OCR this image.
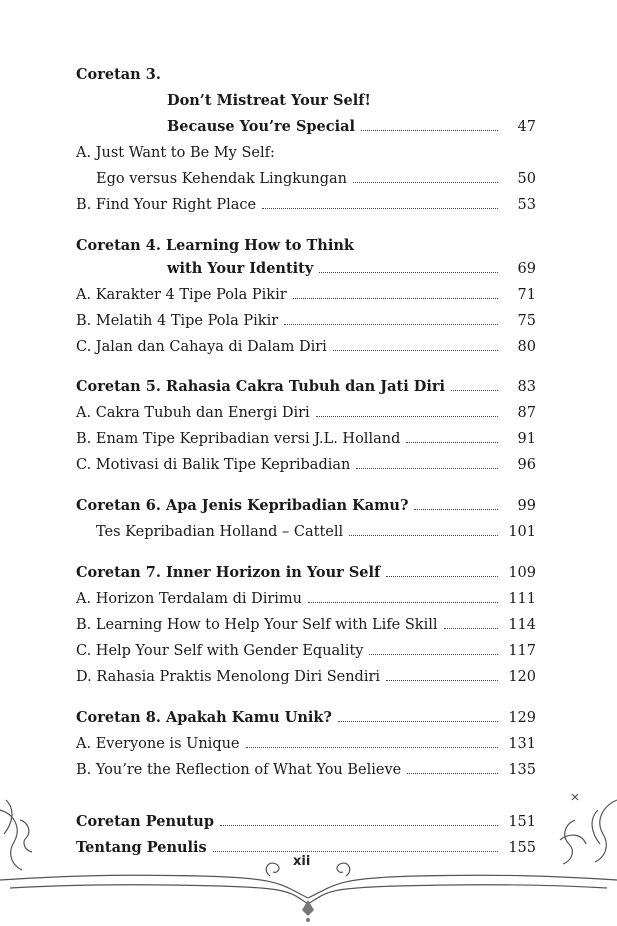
Coretan 3.
Don’t Mistreat Your Self!
Because You’re Special	47
A. Just Want to Be My Self:
Ego versus Kehendak Lingkungan	50
B. Find Your Right Place	53
Coretan 4. Learning How to Think
with Your Identity	69
A. Karakter 4 Tipe Pola Pikir	71
B. Melatih 4 Tipe Pola Pikir	75
C. Jalan dan Cahaya di Dalam Diri	80
Coretan 5. Rahasia Cakra Tubuh dan Jati Diri	83
A. Cakra Tubuh dan Energi Diri	87
B. Enam Tipe Kepribadian versi J.L. Holland	91
C. Motivasi di Balik Tipe Kepribadian	96
Coretan 6. Apa Jenis Kepribadian Kamu?	99
Tes Kepribadian Holland – Cattell	101
Coretan 7. Inner Horizon in Your Self	109
A. Horizon Terdalam di Dirimu	111
B. Learning How to Help Your Self with Life Skill	114
C. Help Your Self with Gender Equality	117
D. Rahasia Praktis Menolong Diri Sendiri	120
Coretan 8. Apakah Kamu Unik?	129
A. Everyone is Unique	131
B. You’re the Reflection of What You Believe	135
Coretan Penutup	151
Tentang Penulis	155
xii
